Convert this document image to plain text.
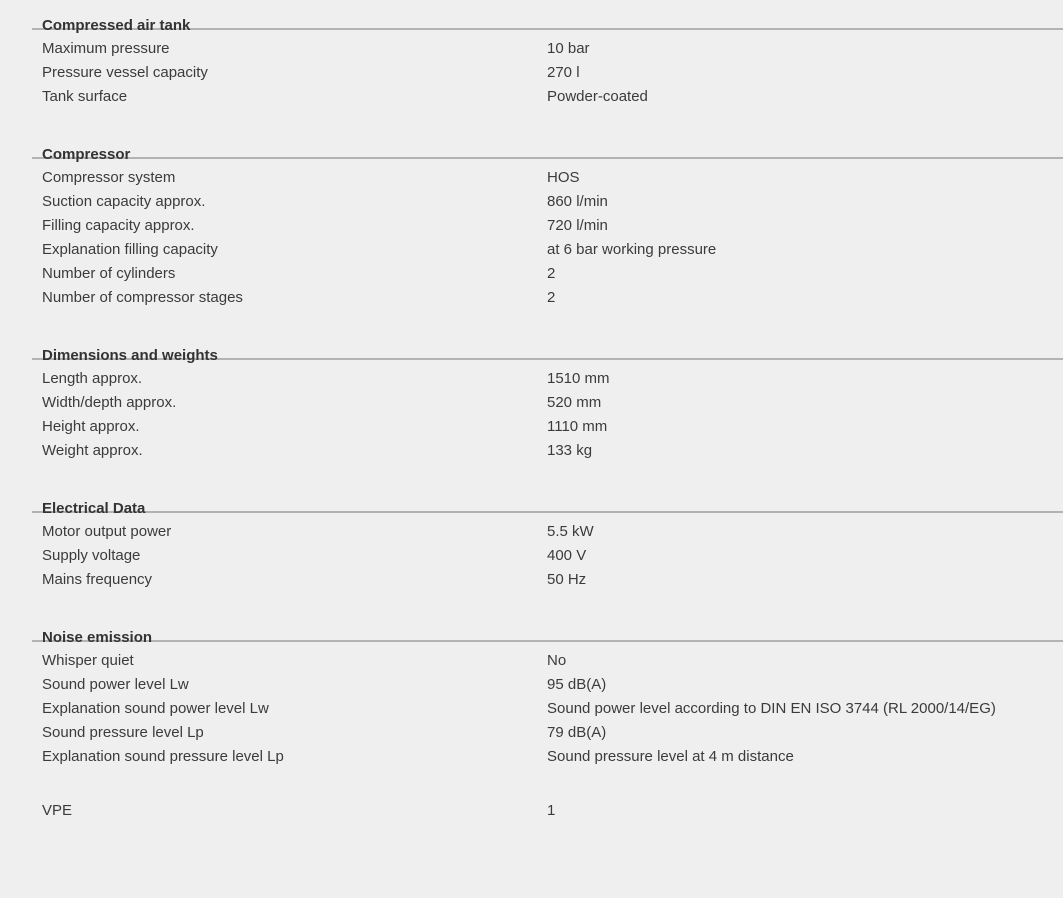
Compressed air tank
Maximum pressure	10 bar
Pressure vessel capacity	270 l
Tank surface	Powder-coated
Compressor
Compressor system	HOS
Suction capacity approx.	860 l/min
Filling capacity approx.	720 l/min
Explanation filling capacity	at 6 bar working pressure
Number of cylinders	2
Number of compressor stages	2
Dimensions and weights
Length approx.	1510 mm
Width/depth approx.	520 mm
Height approx.	1110 mm
Weight approx.	133 kg
Electrical Data
Motor output power	5.5 kW
Supply voltage	400 V
Mains frequency	50 Hz
Noise emission
Whisper quiet	No
Sound power level Lw	95 dB(A)
Explanation sound power level Lw	Sound power level according to DIN EN ISO 3744 (RL 2000/14/EG)
Sound pressure level Lp	79 dB(A)
Explanation sound pressure level Lp	Sound pressure level at 4 m distance
VPE	1
